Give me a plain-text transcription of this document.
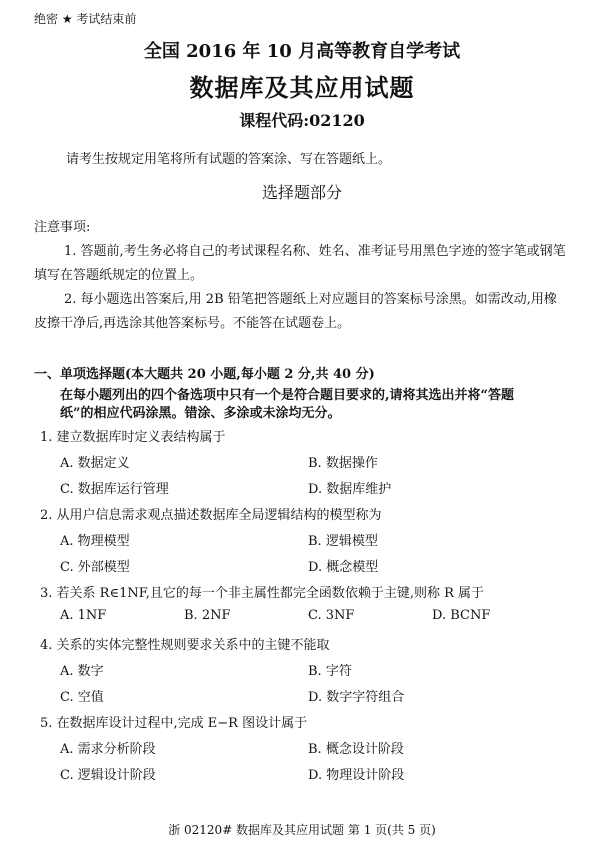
绝密 ★ 考试结束前
全国 2016 年 10 月高等教育自学考试
数据库及其应用试题
课程代码:02120
请考生按规定用笔将所有试题的答案涂、写在答题纸上。
选择题部分
注意事项:
1. 答题前,考生务必将自己的考试课程名称、姓名、准考证号用黑色字迹的签字笔或钢笔
填写在答题纸规定的位置上。
2. 每小题选出答案后,用 2B 铅笔把答题纸上对应题目的答案标号涂黑。如需改动,用橡
皮擦干净后,再选涂其他答案标号。不能答在试题卷上。
一、单项选择题(本大题共 20 小题,每小题 2 分,共 40 分)
在每小题列出的四个备选项中只有一个是符合题目要求的,请将其选出并将“答题
纸”的相应代码涂黑。错涂、多涂或未涂均无分。
1. 建立数据库时定义表结构属于
A. 数据定义	B. 数据操作
C. 数据库运行管理	D. 数据库维护
2. 从用户信息需求观点描述数据库全局逻辑结构的模型称为
A. 物理模型	B. 逻辑模型
C. 外部模型	D. 概念模型
3. 若关系 R∈1NF,且它的每一个非主属性都完全函数依赖于主键,则称 R 属于
A. 1NF	B. 2NF	C. 3NF	D. BCNF
4. 关系的实体完整性规则要求关系中的主键不能取
A. 数字	B. 字符
C. 空值	D. 数字字符组合
5. 在数据库设计过程中,完成 E−R 图设计属于
A. 需求分析阶段	B. 概念设计阶段
C. 逻辑设计阶段	D. 物理设计阶段
浙 02120# 数据库及其应用试题 第 1 页(共 5 页)
